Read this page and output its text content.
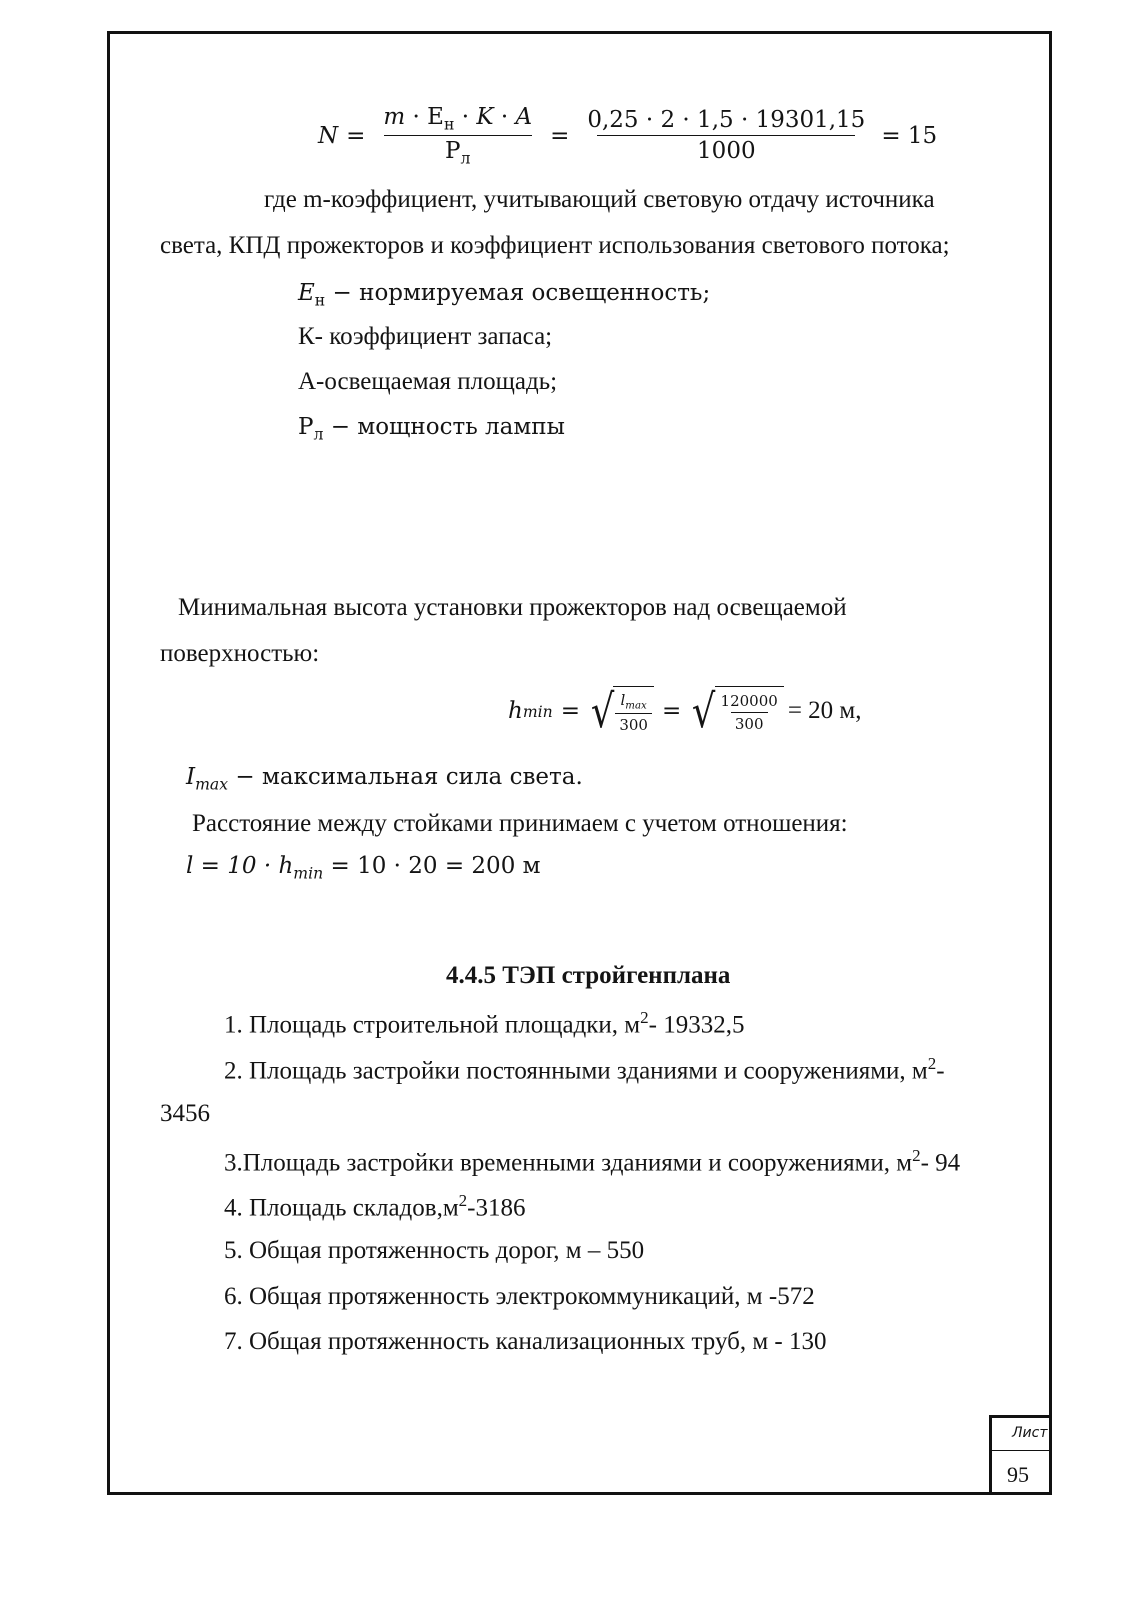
N =
$m \cdot E_н \cdot K \cdot A$
$P_л$
= $\frac{0,25 \cdot 2 \cdot 1,5 \cdot 19301,15}{1000} = 15$
где m-коэффициент, учитывающий световую отдачу источника
света, КПД прожекторов и коэффициент использования светового потока;
$E_н$ − нормируемая освещенность;
К- коэффициент запаса;
А-освещаемая площадь;
$Р_л$ − мощность лампы
Минимальная высота установки прожекторов над освещаемой
поверхностью:
h min = √ $\frac{l_{max}}{300}$ = √ $\frac{120000}{300} = 20$ м,
$I_{max}$ − максимальная сила света.
Расстояние между стойками принимаем с учетом отношения:
$l = 10 \cdot h_{min} = 10 \cdot 20 = 200$ м
4.4.5 ТЭП стройгенплана
1. Площадь строительной площадки, $м^2-$ 19332,5
2. Площадь застройки постоянными зданиями и сооружениями, $м^2-$
3456
3.Площадь застройки временными зданиями и сооружениями, $м^2-$ 94
4. Площадь $складов,м^2-3186$
5. Общая протяженность дорог, м – 550
6. Общая протяженность электрокоммуникаций, м -572
7. Общая протяженность канализационных труб, м - 130
Лист
95
